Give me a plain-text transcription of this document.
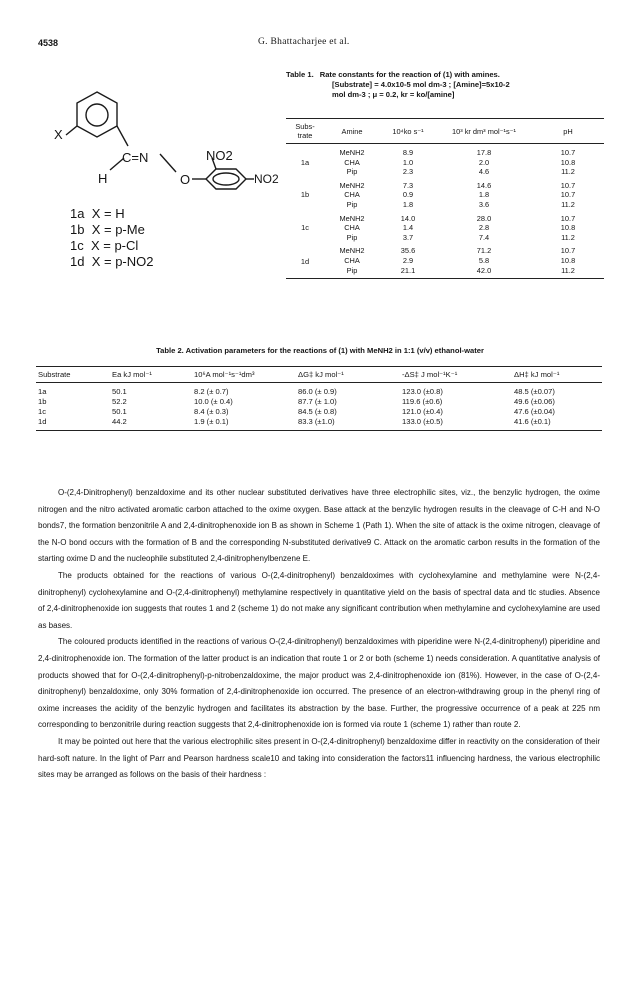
4538	G. Bhattacharjee et al.
X
C=N
H	O
NO2
NO2
1a X = H
1b X = p-Me
1c X = p-Cl
1d X = p-NO2
Table 1. Rate constants for the reaction of (1) with amines.
[Substrate] = 4.0x10-5 mol dm-3 ; [Amine]=5x10-2
mol dm-3 ; μ = 0.2, kr = ko/[amine]
Subs-trate	Amine	10⁴ko s⁻¹	10³ kr dm³ mol⁻¹s⁻¹	pH
1a	MeNH2	8.9	17.8	10.7
	CHA	1.0	2.0	10.8
	Pip	2.3	4.6	11.2
1b	MeNH2	7.3	14.6	10.7
	CHA	0.9	1.8	10.7
	Pip	1.8	3.6	11.2
1c	MeNH2	14.0	28.0	10.7
	CHA	1.4	2.8	10.8
	Pip	3.7	7.4	11.2
1d	MeNH2	35.6	71.2	10.7
	CHA	2.9	5.8	10.8
	Pip	21.1	42.0	11.2
Table 2. Activation parameters for the reactions of (1) with MeNH2 in 1:1 (v/v) ethanol-water
Substrate	Ea kJ mol⁻¹	10⁶A mol⁻¹s⁻¹dm³	ΔG‡ kJ mol⁻¹	-ΔS‡ J mol⁻¹K⁻¹	ΔH‡ kJ mol⁻¹
1a	50.1	8.2 (± 0.7)	86.0 (± 0.9)	123.0 (±0.8)	48.5 (±0.07)
1b	52.2	10.0 (± 0.4)	87.7 (± 1.0)	119.6 (±0.6)	49.6 (±0.06)
1c	50.1	8.4 (± 0.3)	84.5 (± 0.8)	121.0 (±0.4)	47.6 (±0.04)
1d	44.2	1.9 (± 0.1)	83.3 (±1.0)	133.0 (±0.5)	41.6 (±0.1)

O-(2,4-Dinitrophenyl) benzaldoxime and its other nuclear substituted derivatives have three electrophilic sites, viz., the benzylic hydrogen, the oxime nitrogen and the nitro activated aromatic carbon attached to the oxime oxygen. Base attack at the benzylic hydrogen results in the cleavage of C-H and N-O bonds7, the formation benzonitrile A and 2,4-dinitrophenoxide ion B as shown in Scheme 1 (Path 1). When the site of attack is the oxime nitrogen, cleavage of the N-O bond occurs with the formation of B and the corresponding N-substituted derivative9 C. Attack on the aromatic carbon results in the formation of the starting oxime D and the nucleophile substituted 2,4-dinitrophenylbenzene E.

The products obtained for the reactions of various O-(2,4-dinitrophenyl) benzaldoximes with cyclohexylamine and methylamine were N-(2,4-dinitrophenyl) cyclohexylamine and O-(2,4-dinitrophenyl) methylamine respectively in quantitative yield on the basis of spectral data and tlc studies. Absence of 2,4-dinitrophenoxide ion suggests that routes 1 and 2 (scheme 1) do not make any significant contribution when methylamine and cyclohexylamine are used as bases.

The coloured products identified in the reactions of various O-(2,4-dinitrophenyl) benzaldoximes with piperidine were N-(2,4-dinitrophenyl) piperidine and 2,4-dinitrophenoxide ion. The formation of the latter product is an indication that route 1 or 2 or both (scheme 1) needs consideration. A quantitative analysis of products showed that for O-(2,4-dinitrophenyl)-p-nitrobenzaldoxime, the major product was 2,4-dinitrophenoxide ion (81%). However, in the case of O-(2,4-dinitrophenyl) benzaldoxime, only 30% formation of 2,4-dinitrophenoxide ion occurred. The presence of an electron-withdrawing group in the phenyl ring of oxime increases the acidity of the benzylic hydrogen and facilitates its abstraction by the base. Further, the progressive occurrence of a peak at 225 nm corresponding to benzonitrile during reaction suggests that 2,4-dinitrophenoxide ion is formed via route 1 (scheme 1) rather than route 2.

It may be pointed out here that the various electrophilic sites present in O-(2,4-dinitrophenyl) benzaldoxime differ in reactivity on the consideration of their hard-soft nature. In the light of Parr and Pearson hardness scale10 and taking into consideration the factors11 influencing hardness, the various electrophilic sites may be arranged as follows on the basis of their hardness :
